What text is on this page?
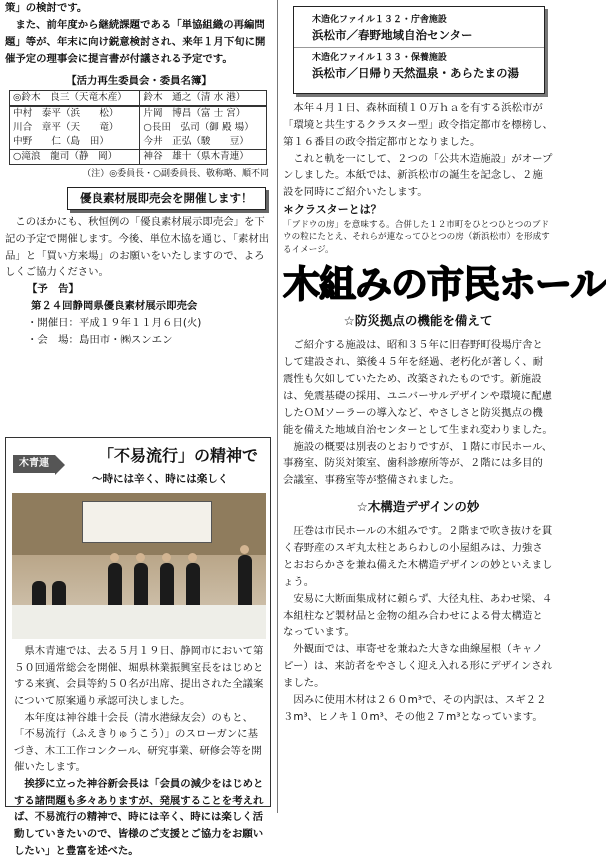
策」の検討です。

　また、前年度から継続課題である「単協組織の再編問題」等が、年末に向け鋭意検討され、来年１月下旬に開催予定の理事会に提言書が付議される予定です。

【活力再生委員会・委員名簿】

◎鈴木　良三（天竜木産）	鈴木　通之（清 水 港）
中村　泰平（浜　　松）	片岡　博昌（富 士 宮）
川合　章平（天　　竜）	○長田　弘司（御 殿 場）
中野　　仁（島　田）	今井　正弘（駿　　豆）
○滝浪　龍司（静　岡）	神谷　雄十（県木青連）

（注）◎委員長・○副委員長、敬称略、順不同

優良素材展即売会を開催します！

　このほかにも、秋恒例の「優良素材展示即売会」を下記の予定で開催します。今後、単位木協を通じ、「素材出品」と「買い方来場」のお願いをいたしますので、よろしくご協力ください。

【予　告】

第２４回静岡県優良素材展示即売会

・開催日：平成１９年１１月６日(火)

・会　場：島田市・㈱スンエン

木青連	「不易流行」の精神で
～時には辛く、時には楽しく

　県木青連では、去る５月１９日、静岡市において第５０回通常総会を開催、堀県林業振興室長をはじめとする来賓、会員等約５０名が出席、提出された全議案について原案通り承認可決しました。

　本年度は神谷雄十会長（清水港緑友会）のもと、「不易流行（ふえきりゅうこう）」のスローガンに基づき、木工工作コンクール、研究事業、研修会等を開催いたします。

　挨拶に立った神谷新会長は「会員の減少をはじめとする諸問題も多々ありますが、発展することを考えれば、不易流行の精神で、時には辛く、時には楽しく活動していきたいので、皆様のご支援とご協力をお願いしたい」と豊富を述べた。

木造化ファイル１３２・庁舎施設
浜松市／春野地域自治センター
木造化ファイル１３３・保養施設
浜松市／日帰り天然温泉・あらたまの湯

　本年４月１日、森林面積１０万ｈａを有する浜松市が「環境と共生するクラスター型」政令指定都市を標榜し、第１６番目の政令指定都市となりました。

　これと軌を一にして、２つの「公共木造施設」がオープンしました。本紙では、新浜松市の誕生を記念し、２施設を同時にご紹介いたします。

＊クラスターとは？

「ブドウの房」を意味する。合併した１２市町をひとつひとつのブドウの粒にたとえ、それらが連なってひとつの房（新浜松市）を形成するイメージ。

木組みの市民ホール

☆防災拠点の機能を備えて

　ご紹介する施設は、昭和３５年に旧春野町役場庁舎として建設され、築後４５年を経過、老朽化が著しく、耐震性も欠如していたため、改築されたものです。新施設は、免震基礎の採用、ユニバーサルデザインや環境に配慮したＯＭソーラーの導入など、やさしさと防災拠点の機能を備えた地域自治センターとして生まれ変わりました。

　施設の概要は別表のとおりですが、１階に市民ホール、事務室、防災対策室、歯科診療所等が、２階には多目的会議室、事務室等が整備されました。

☆木構造デザインの妙

　圧巻は市民ホールの木組みです。２階まで吹き抜けを貫く春野産のスギ丸太柱とあらわしの小屋組みは、力強さとおおらかさを兼ね備えた木構造デザインの妙といえましょう。

　安易に大断面集成材に頼らず、大径丸柱、あわせ梁、４本組柱など製材品と金物の組み合わせによる骨太構造となっています。

　外観面では、車寄せを兼ねた大きな曲線屋根（キャノピー）は、来訪者をやさしく迎え入れる形にデザインされました。

　因みに使用木材は２６０m³で、その内訳は、スギ２２３m³、ヒノキ１０m³、その他２７m³となっています。
